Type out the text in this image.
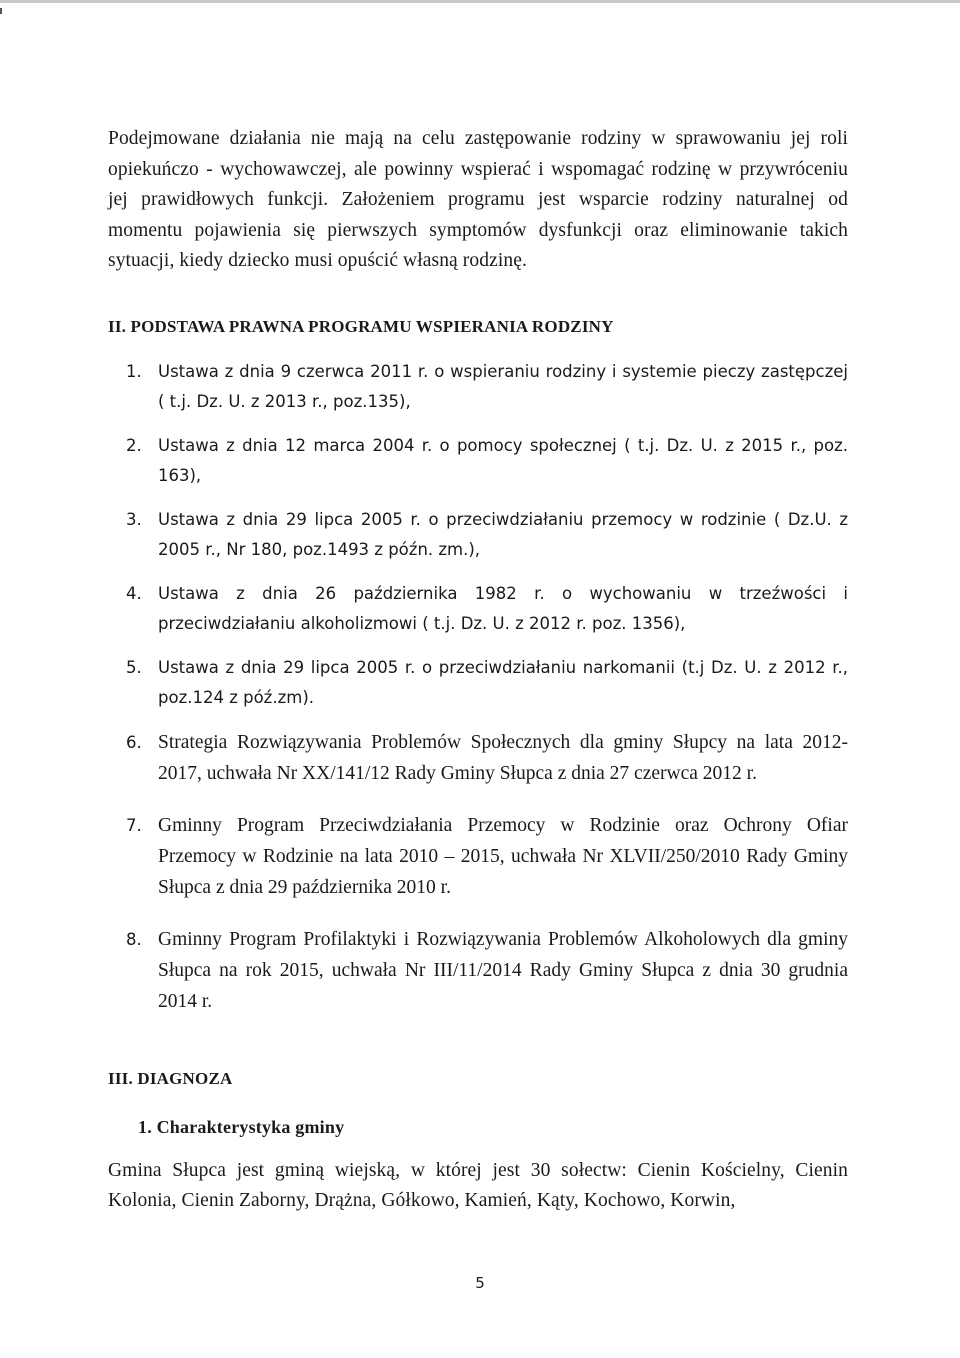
Podejmowane działania nie mają na celu zastępowanie rodziny w sprawowaniu jej roli opiekuńczo - wychowawczej, ale powinny wspierać i wspomagać rodzinę w przywróceniu jej prawidłowych funkcji. Założeniem programu jest wsparcie rodziny naturalnej od momentu pojawienia się pierwszych symptomów dysfunkcji oraz eliminowanie takich sytuacji, kiedy dziecko musi opuścić własną rodzinę.

II. PODSTAWA PRAWNA PROGRAMU WSPIERANIA RODZINY
1. Ustawa z dnia 9 czerwca 2011 r. o wspieraniu rodziny i systemie pieczy zastępczej ( t.j. Dz. U. z 2013 r., poz.135),
2. Ustawa z dnia 12 marca 2004 r. o pomocy społecznej ( t.j. Dz. U. z 2015 r., poz. 163),
3. Ustawa z dnia 29 lipca 2005 r. o przeciwdziałaniu przemocy w rodzinie ( Dz.U. z 2005 r., Nr 180, poz.1493 z późn. zm.),
4. Ustawa z dnia 26 października 1982 r. o wychowaniu w trzeźwości i przeciwdziałaniu alkoholizmowi ( t.j. Dz. U. z 2012 r. poz. 1356),
5. Ustawa z dnia 29 lipca 2005 r. o przeciwdziałaniu narkomanii (t.j Dz. U. z 2012 r., poz.124 z póź.zm).
6. Strategia Rozwiązywania Problemów Społecznych dla gminy Słupcy na lata 2012-2017, uchwała Nr XX/141/12 Rady Gminy Słupca z dnia 27 czerwca 2012 r.
7. Gminny Program Przeciwdziałania Przemocy w Rodzinie oraz Ochrony Ofiar Przemocy w Rodzinie na lata 2010 – 2015, uchwała Nr XLVII/250/2010 Rady Gminy Słupca z dnia 29 października 2010 r.
8. Gminny Program Profilaktyki i Rozwiązywania Problemów Alkoholowych dla gminy Słupca na rok 2015, uchwała Nr III/11/2014 Rady Gminy Słupca z dnia 30 grudnia 2014 r.
III. DIAGNOZA
1. Charakterystyka gminy

Gmina Słupca jest gminą wiejską, w której jest 30 sołectw: Cienin Kościelny, Cienin Kolonia, Cienin Zaborny, Drążna, Gółkowo, Kamień, Kąty, Kochowo, Korwin,

5
